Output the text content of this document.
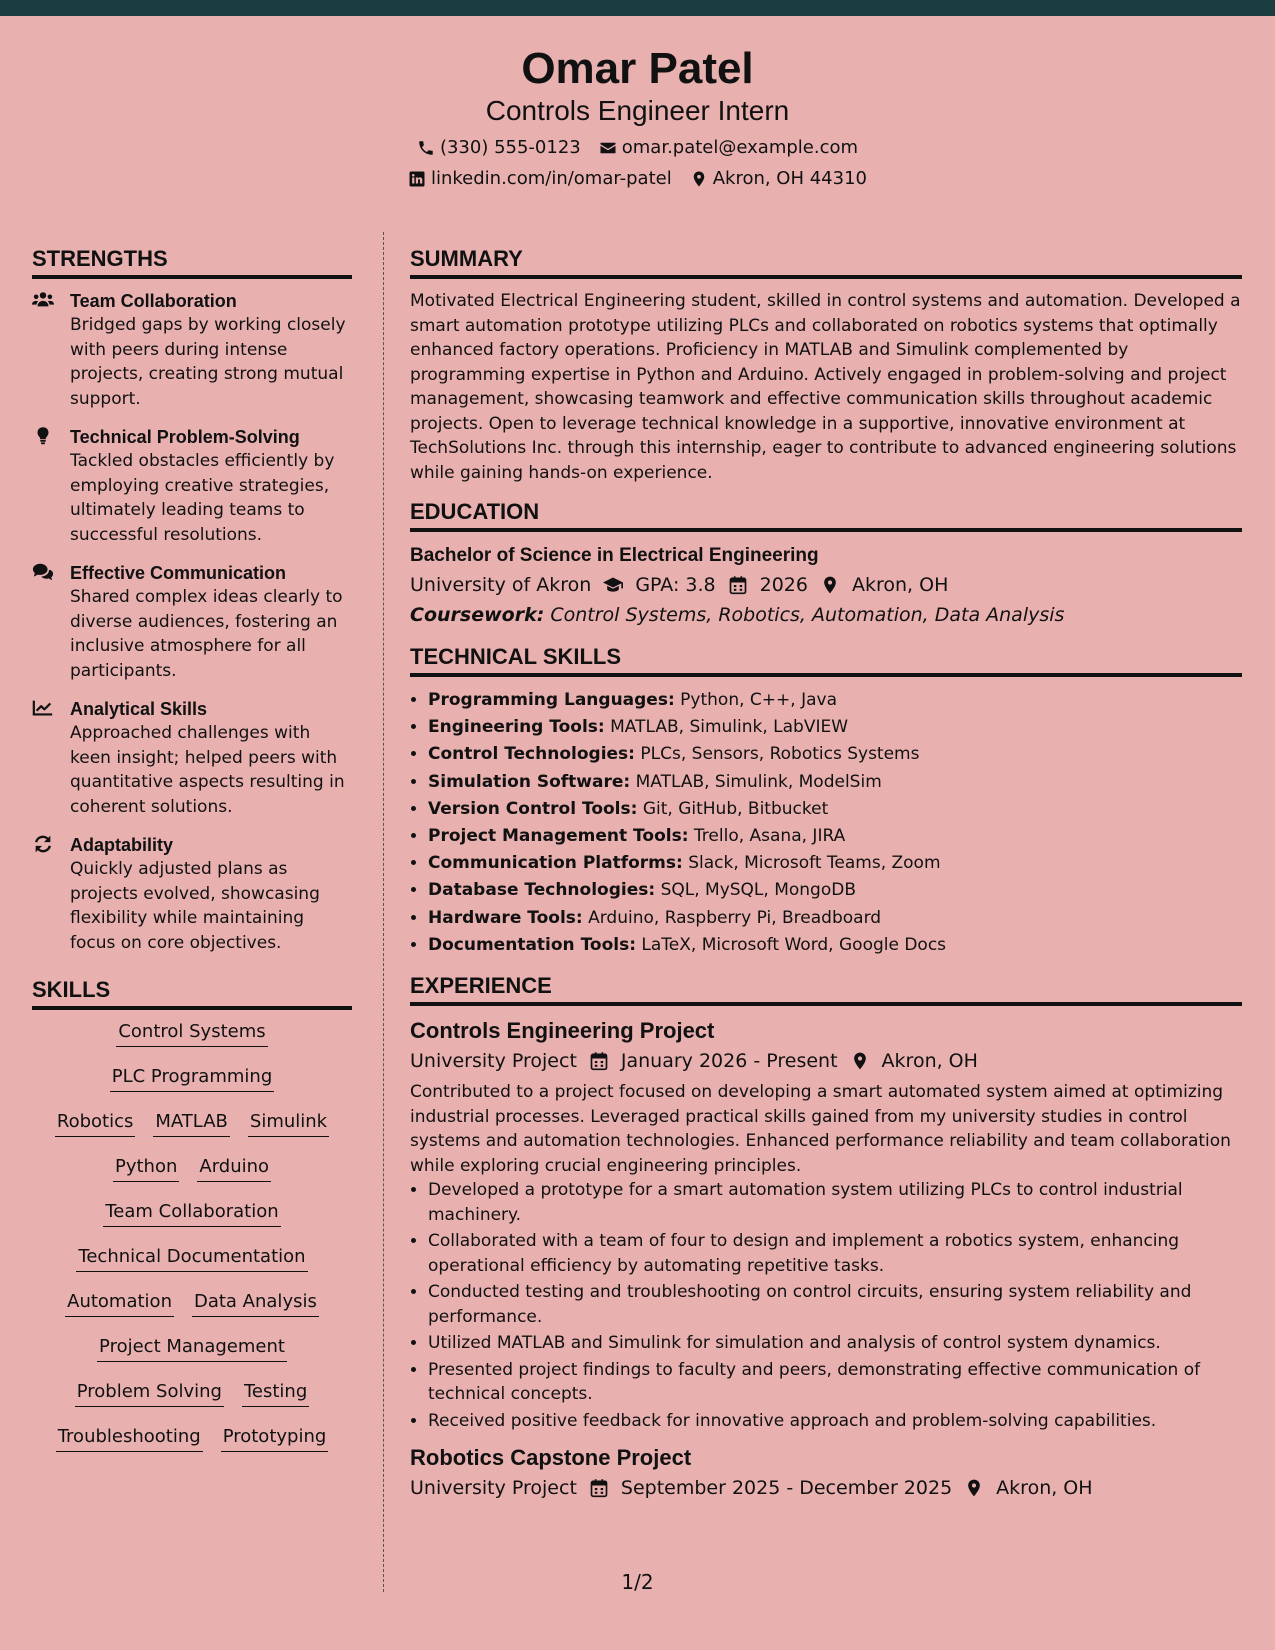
Omar Patel
Controls Engineer Intern
(330) 555-0123 omar.patel@example.com
linkedin.com/in/omar-patel Akron, OH 44310
STRENGTHS
Team Collaboration
Bridged gaps by working closely with peers during intense projects, creating strong mutual support.
Technical Problem-Solving
Tackled obstacles efficiently by employing creative strategies, ultimately leading teams to successful resolutions.
Effective Communication
Shared complex ideas clearly to diverse audiences, fostering an inclusive atmosphere for all participants.
Analytical Skills
Approached challenges with keen insight; helped peers with quantitative aspects resulting in coherent solutions.
Adaptability
Quickly adjusted plans as projects evolved, showcasing flexibility while maintaining focus on core objectives.
SKILLS
Control Systems
PLC Programming
Robotics MATLAB Simulink
Python Arduino
Team Collaboration
Technical Documentation
Automation Data Analysis
Project Management
Problem Solving Testing
Troubleshooting Prototyping
SUMMARY
Motivated Electrical Engineering student, skilled in control systems and automation. Developed a smart automation prototype utilizing PLCs and collaborated on robotics systems that optimally enhanced factory operations. Proficiency in MATLAB and Simulink complemented by programming expertise in Python and Arduino. Actively engaged in problem-solving and project management, showcasing teamwork and effective communication skills throughout academic projects. Open to leverage technical knowledge in a supportive, innovative environment at TechSolutions Inc. through this internship, eager to contribute to advanced engineering solutions while gaining hands-on experience.
EDUCATION
Bachelor of Science in Electrical Engineering
University of Akron GPA: 3.8 2026 Akron, OH
Coursework: Control Systems, Robotics, Automation, Data Analysis
TECHNICAL SKILLS
• Programming Languages: Python, C++, Java
• Engineering Tools: MATLAB, Simulink, LabVIEW
• Control Technologies: PLCs, Sensors, Robotics Systems
• Simulation Software: MATLAB, Simulink, ModelSim
• Version Control Tools: Git, GitHub, Bitbucket
• Project Management Tools: Trello, Asana, JIRA
• Communication Platforms: Slack, Microsoft Teams, Zoom
• Database Technologies: SQL, MySQL, MongoDB
• Hardware Tools: Arduino, Raspberry Pi, Breadboard
• Documentation Tools: LaTeX, Microsoft Word, Google Docs
EXPERIENCE
Controls Engineering Project
University Project January 2026 - Present Akron, OH
Contributed to a project focused on developing a smart automated system aimed at optimizing industrial processes. Leveraged practical skills gained from my university studies in control systems and automation technologies. Enhanced performance reliability and team collaboration while exploring crucial engineering principles.
• Developed a prototype for a smart automation system utilizing PLCs to control industrial machinery.
• Collaborated with a team of four to design and implement a robotics system, enhancing operational efficiency by automating repetitive tasks.
• Conducted testing and troubleshooting on control circuits, ensuring system reliability and performance.
• Utilized MATLAB and Simulink for simulation and analysis of control system dynamics.
• Presented project findings to faculty and peers, demonstrating effective communication of technical concepts.
• Received positive feedback for innovative approach and problem-solving capabilities.
Robotics Capstone Project
University Project September 2025 - December 2025 Akron, OH
1/2
